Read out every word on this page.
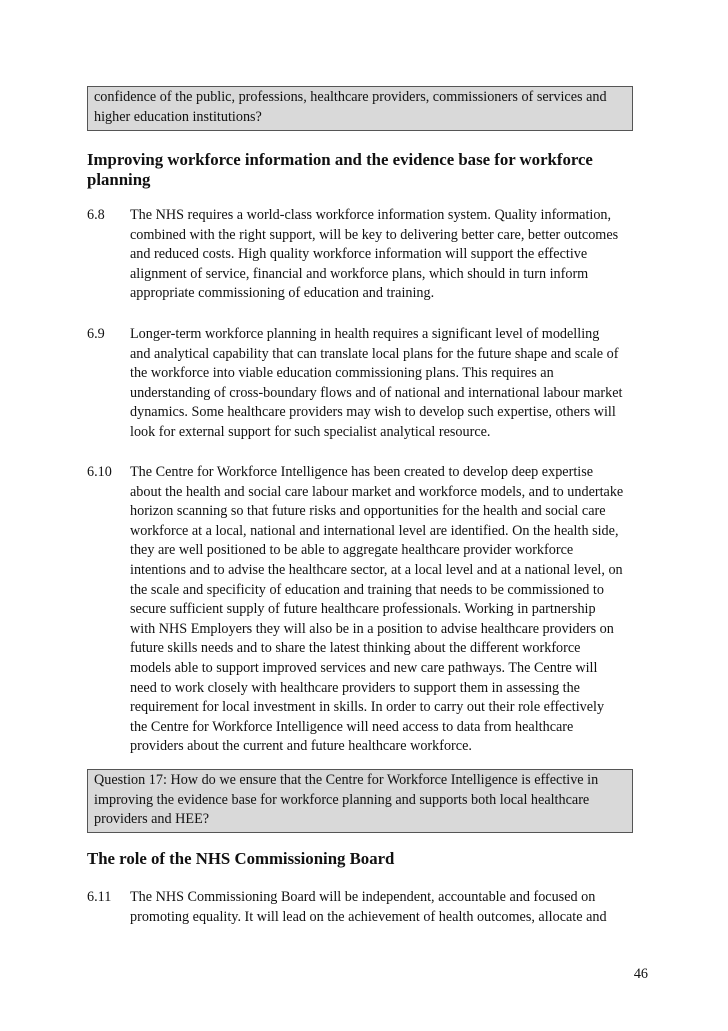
confidence of the public, professions, healthcare providers, commissioners of services and

higher education institutions?

Improving workforce information and the evidence base for workforce
planning
6.8	The NHS requires a world-class workforce information system. Quality information,
combined with the right support, will be key to delivering better care, better outcomes
and reduced costs. High quality workforce information will support the effective
alignment of service, financial and workforce plans, which should in turn inform
appropriate commissioning of education and training.
6.9	Longer-term workforce planning in health requires a significant level of modelling
and analytical capability that can translate local plans for the future shape and scale of
the workforce into viable education commissioning plans. This requires an
understanding of cross-boundary flows and of national and international labour market
dynamics. Some healthcare providers may wish to develop such expertise, others will
look for external support for such specialist analytical resource.
6.10	The Centre for Workforce Intelligence has been created to develop deep expertise
about the health and social care labour market and workforce models, and to undertake
horizon scanning so that future risks and opportunities for the health and social care
workforce at a local, national and international level are identified. On the health side,
they are well positioned to be able to aggregate healthcare provider workforce
intentions and to advise the healthcare sector, at a local level and at a national level, on
the scale and specificity of education and training that needs to be commissioned to
secure sufficient supply of future healthcare professionals. Working in partnership
with NHS Employers they will also be in a position to advise healthcare providers on
future skills needs and to share the latest thinking about the different workforce
models able to support improved services and new care pathways. The Centre will
need to work closely with healthcare providers to support them in assessing the
requirement for local investment in skills. In order to carry out their role effectively
the Centre for Workforce Intelligence will need access to data from healthcare
providers about the current and future healthcare workforce.

Question 17: How do we ensure that the Centre for Workforce Intelligence is effective in

improving the evidence base for workforce planning and supports both local healthcare

providers and HEE?

The role of the NHS Commissioning Board
6.11	The NHS Commissioning Board will be independent, accountable and focused on
promoting equality. It will lead on the achievement of health outcomes, allocate and
46
